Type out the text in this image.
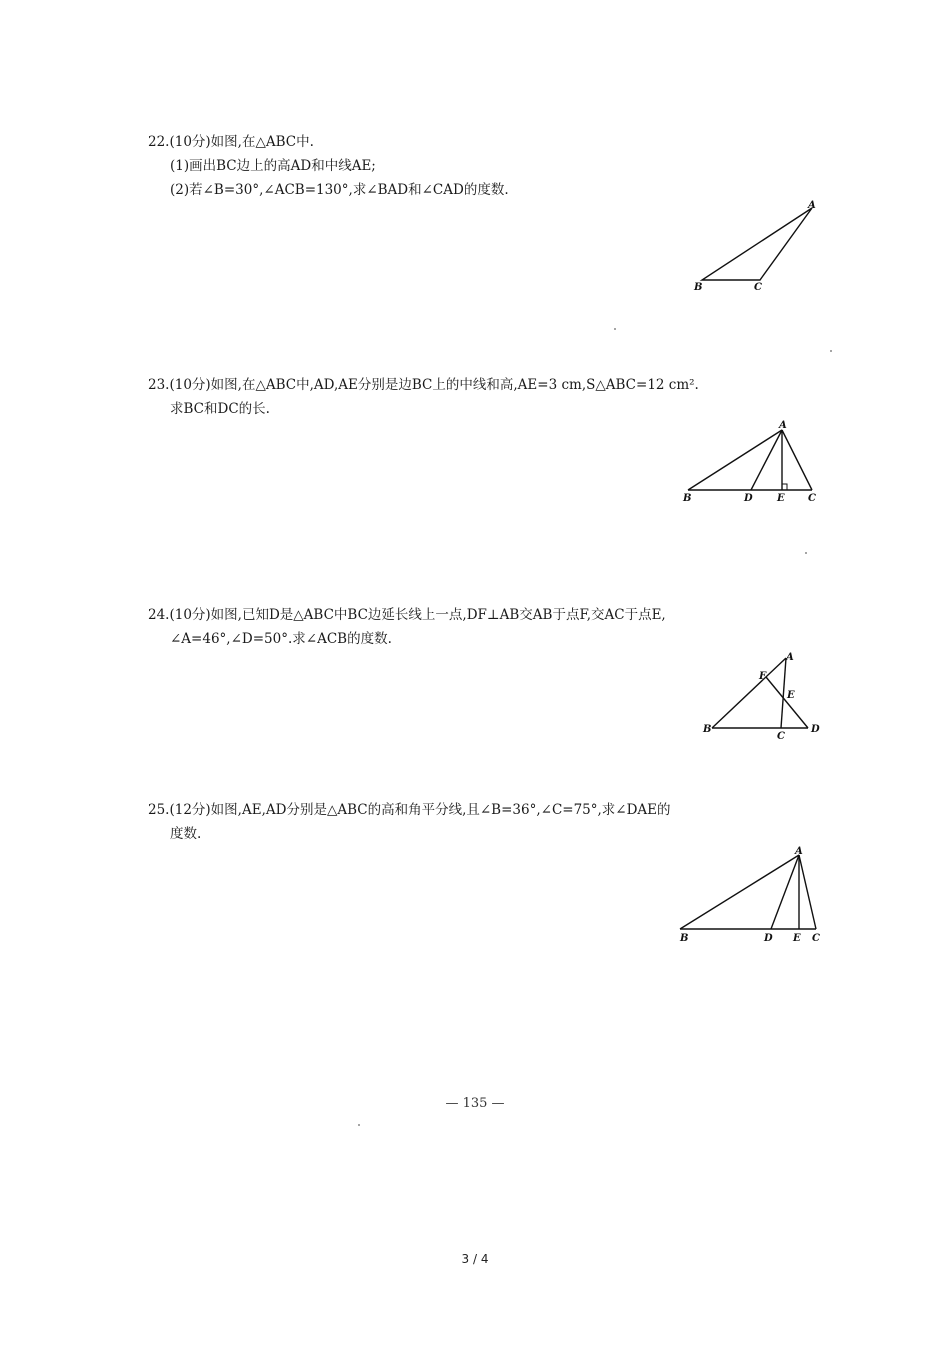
22.(10分)如图,在△ABC中.
(1)画出BC边上的高AD和中线AE;
(2)若∠B=30°,∠ACB=130°,求∠BAD和∠CAD的度数.
A
B	C
23.(10分)如图,在△ABC中,AD,AE分别是边BC上的中线和高,AE=3 cm,S△ABC=12 cm².
求BC和DC的长.
A
B	D E C
24.(10分)如图,已知D是△ABC中BC边延长线上一点,DF⊥AB交AB于点F,交AC于点E,
∠A=46°,∠D=50°.求∠ACB的度数.
A
F
E
B
C
D
25.(12分)如图,AE,AD分别是△ABC的高和角平分线,且∠B=36°,∠C=75°,求∠DAE的
度数.
A
B	D E C
— 135 —
3 / 4
